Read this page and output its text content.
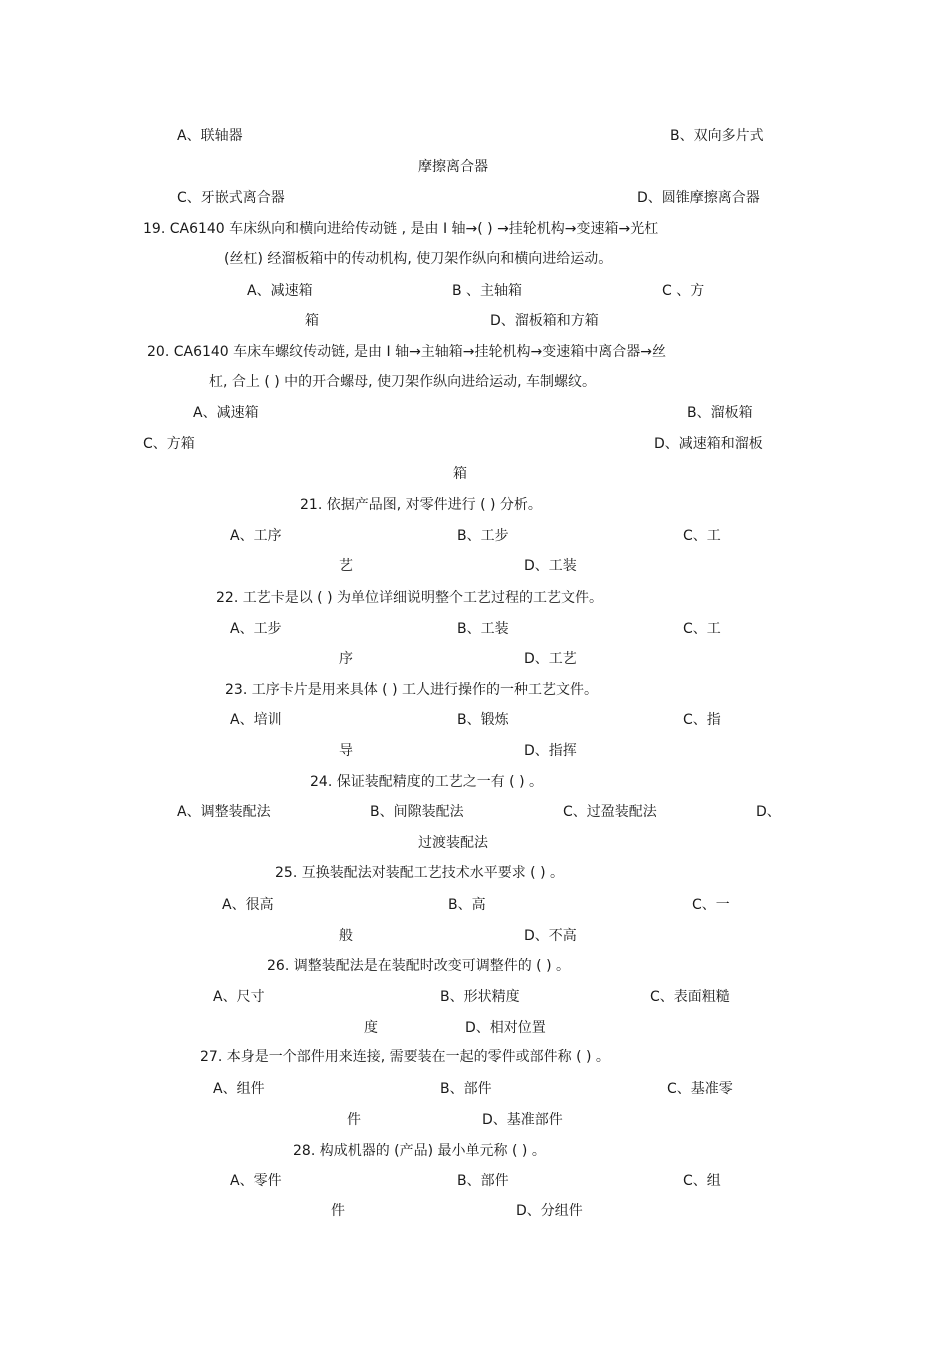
A、联轴器	B、双向多片式
摩擦离合器
C、牙嵌式离合器	D、圆锥摩擦离合器
19. CA6140 车床纵向和横向进给传动链 , 是由 I 轴→( ) →挂轮机构→变速箱→光杠
(丝杠) 经溜板箱中的传动机构, 使刀架作纵向和横向进给运动。
A、减速箱	B 、主轴箱	C 、方
箱	D、溜板箱和方箱
20. CA6140 车床车螺纹传动链, 是由 I 轴→主轴箱→挂轮机构→变速箱中离合器→丝
杠, 合上 ( ) 中的开合螺母, 使刀架作纵向进给运动, 车制螺纹。
A、减速箱	B、溜板箱
C、方箱	D、减速箱和溜板
箱
21. 依据产品图, 对零件进行 ( ) 分析。
A、工序	B、工步	C、工
艺	D、工装
22. 工艺卡是以 ( ) 为单位详细说明整个工艺过程的工艺文件。
A、工步	B、工装	C、工
序	D、工艺
23. 工序卡片是用来具体 ( ) 工人进行操作的一种工艺文件。
A、培训	B、锻炼	C、指
导	D、指挥
24. 保证装配精度的工艺之一有 ( ) 。
A、调整装配法	B、间隙装配法	C、过盈装配法	D、
过渡装配法
25. 互换装配法对装配工艺技术水平要求 ( ) 。
A、很高	B、高	C、一
般	D、不高
26. 调整装配法是在装配时改变可调整件的 ( ) 。
A、尺寸	B、形状精度	C、表面粗糙
度	D、相对位置
27. 本身是一个部件用来连接, 需要装在一起的零件或部件称 ( ) 。
A、组件	B、部件	C、基准零
件	D、基准部件
28. 构成机器的 (产品) 最小单元称 ( ) 。
A、零件	B、部件	C、组
件	D、分组件
